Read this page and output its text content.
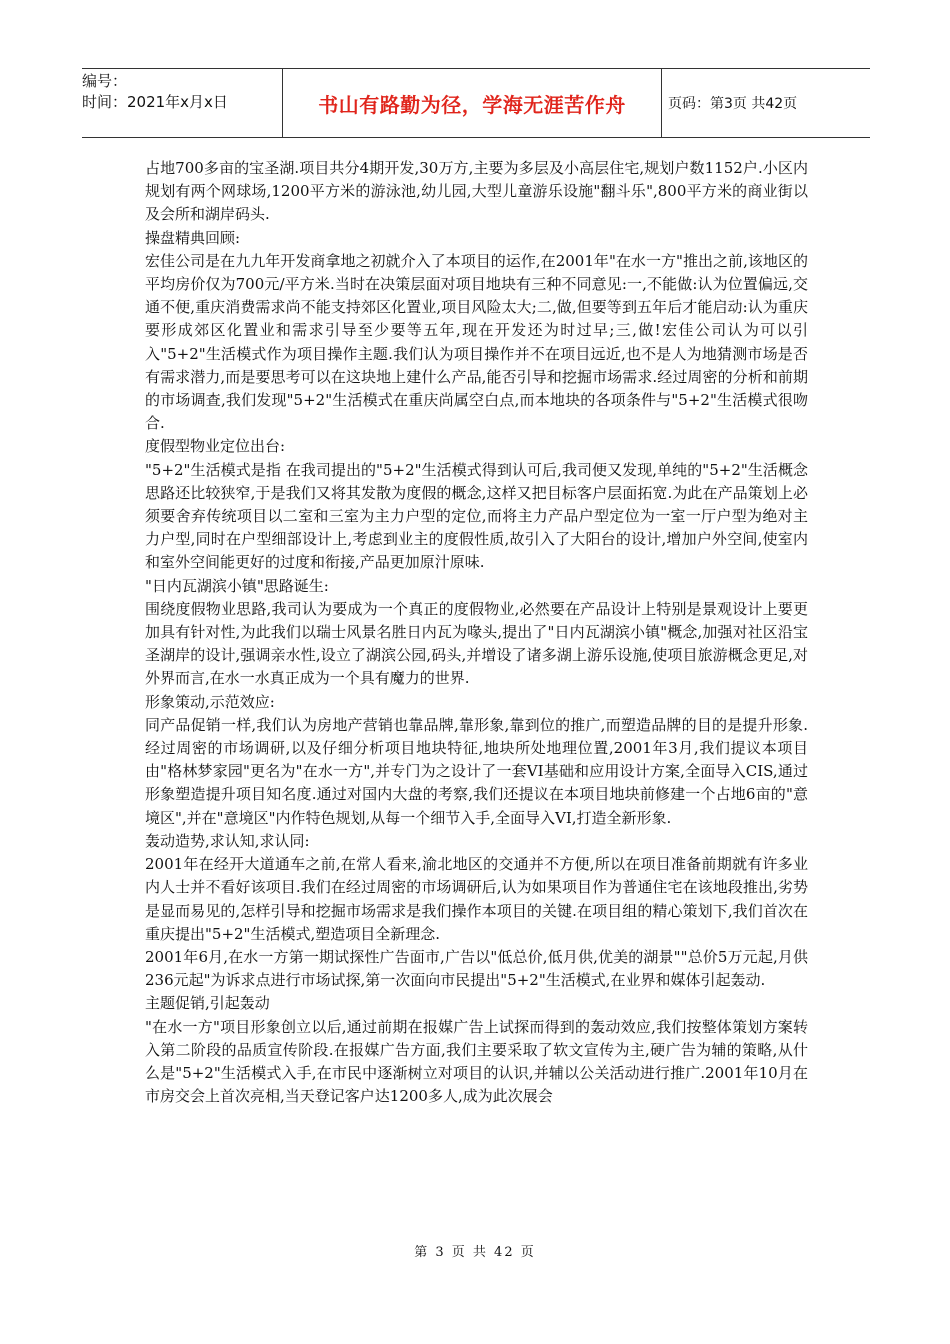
编号：
时间：2021年x月x日	书山有路勤为径，学海无涯苦作舟	页码：第3页 共42页

占地700多亩的宝圣湖.项目共分4期开发,30万方,主要为多层及小高层住宅,规划户数1152户.小区内规划有两个网球场,1200平方米的游泳池,幼儿园,大型儿童游乐设施"翻斗乐",800平方米的商业街以及会所和湖岸码头.

操盘精典回顾:

宏佳公司是在九九年开发商拿地之初就介入了本项目的运作,在2001年"在水一方"推出之前,该地区的平均房价仅为700元/平方米.当时在决策层面对项目地块有三种不同意见:一,不能做:认为位置偏远,交通不便,重庆消费需求尚不能支持郊区化置业,项目风险太大;二,做,但要等到五年后才能启动:认为重庆要形成郊区化置业和需求引导至少要等五年,现在开发还为时过早;三,做!宏佳公司认为可以引入"5+2"生活模式作为项目操作主题.我们认为项目操作并不在项目远近,也不是人为地猜测市场是否有需求潜力,而是要思考可以在这块地上建什么产品,能否引导和挖掘市场需求.经过周密的分析和前期的市场调查,我们发现"5+2"生活模式在重庆尚属空白点,而本地块的各项条件与"5+2"生活模式很吻合.

度假型物业定位出台:

"5+2"生活模式是指 在我司提出的"5+2"生活模式得到认可后,我司便又发现,单纯的"5+2"生活概念思路还比较狭窄,于是我们又将其发散为度假的概念,这样又把目标客户层面拓宽.为此在产品策划上必须要舍弃传统项目以二室和三室为主力户型的定位,而将主力产品户型定位为一室一厅户型为绝对主力户型,同时在户型细部设计上,考虑到业主的度假性质,故引入了大阳台的设计,增加户外空间,使室内和室外空间能更好的过度和衔接,产品更加原汁原味.

"日内瓦湖滨小镇"思路诞生:

围绕度假物业思路,我司认为要成为一个真正的度假物业,必然要在产品设计上特别是景观设计上要更加具有针对性,为此我们以瑞士风景名胜日内瓦为喙头,提出了"日内瓦湖滨小镇"概念,加强对社区沿宝圣湖岸的设计,强调亲水性,设立了湖滨公园,码头,并增设了诸多湖上游乐设施,使项目旅游概念更足,对外界而言,在水一水真正成为一个具有魔力的世界.

形象策动,示范效应:

同产品促销一样,我们认为房地产营销也靠品牌,靠形象,靠到位的推广,而塑造品牌的目的是提升形象.经过周密的市场调研,以及仔细分析项目地块特征,地块所处地理位置,2001年3月,我们提议本项目由"格林梦家园"更名为"在水一方",并专门为之设计了一套VI基础和应用设计方案,全面导入CIS,通过形象塑造提升项目知名度.通过对国内大盘的考察,我们还提议在本项目地块前修建一个占地6亩的"意境区",并在"意境区"内作特色规划,从每一个细节入手,全面导入VI,打造全新形象.

轰动造势,求认知,求认同:

2001年在经开大道通车之前,在常人看来,渝北地区的交通并不方便,所以在项目准备前期就有许多业内人士并不看好该项目.我们在经过周密的市场调研后,认为如果项目作为普通住宅在该地段推出,劣势是显而易见的,怎样引导和挖掘市场需求是我们操作本项目的关键.在项目组的精心策划下,我们首次在重庆提出"5+2"生活模式,塑造项目全新理念.

2001年6月,在水一方第一期试探性广告面市,广告以"低总价,低月供,优美的湖景""总价5万元起,月供236元起"为诉求点进行市场试探,第一次面向市民提出"5+2"生活模式,在业界和媒体引起轰动.

主题促销,引起轰动

"在水一方"项目形象创立以后,通过前期在报媒广告上试探而得到的轰动效应,我们按整体策划方案转入第二阶段的品质宣传阶段.在报媒广告方面,我们主要采取了软文宣传为主,硬广告为辅的策略,从什么是"5+2"生活模式入手,在市民中逐渐树立对项目的认识,并辅以公关活动进行推广.2001年10月在市房交会上首次亮相,当天登记客户达1200多人,成为此次展会

第 3 页 共 42 页
